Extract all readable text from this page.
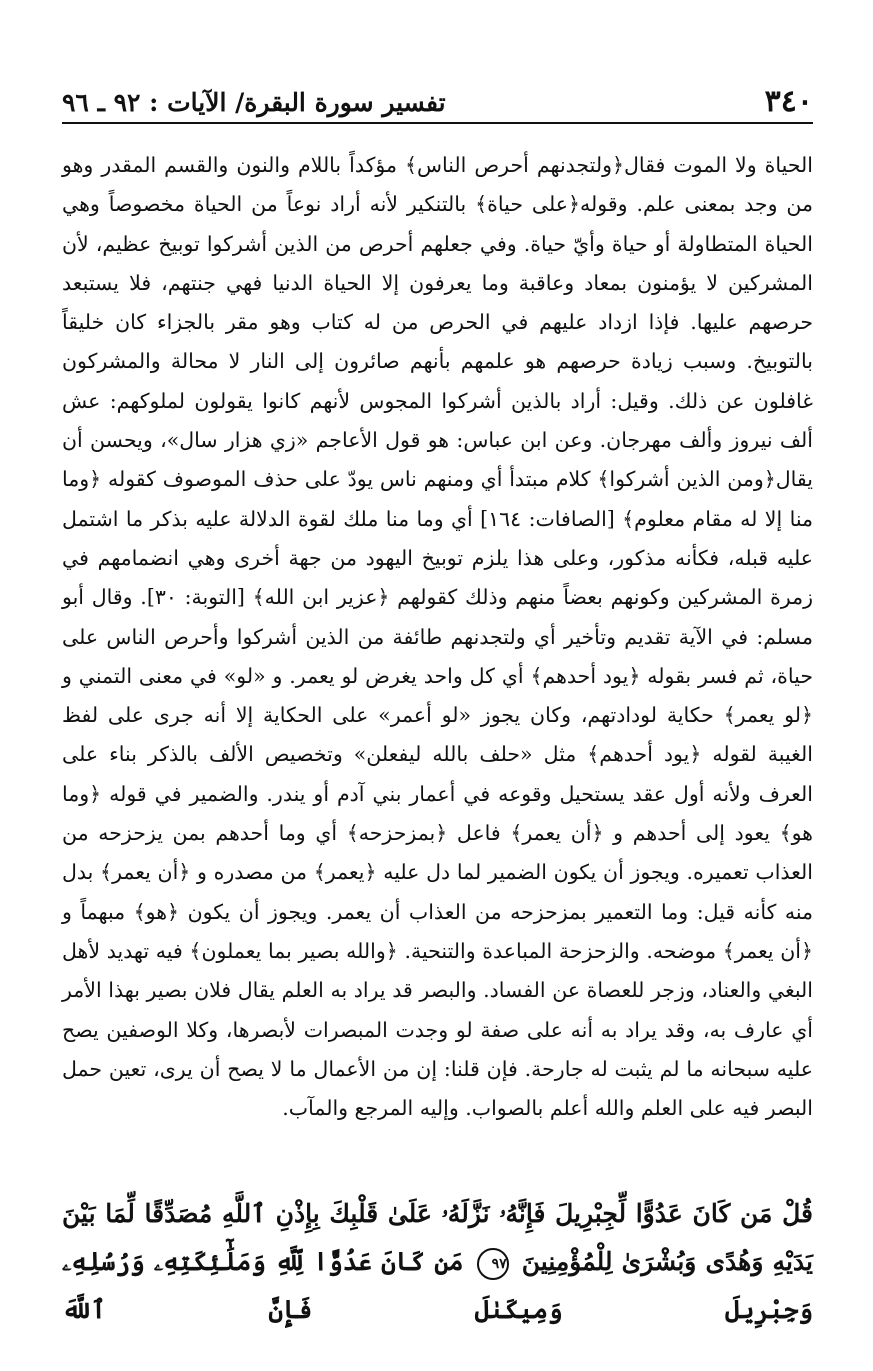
٣٤٠
تفسير سورة البقرة/ الآيات : ٩٢ ـ ٩٦

الحياة ولا الموت فقال﴿ولتجدنهم أحرص الناس﴾ مؤكداً باللام والنون والقسم المقدر وهو من وجد بمعنى علم. وقوله﴿على حياة﴾ بالتنكير لأنه أراد نوعاً من الحياة مخصوصاً وهي الحياة المتطاولة أو حياة وأيّ حياة. وفي جعلهم أحرص من الذين أشركوا توبيخ عظيم، لأن المشركين لا يؤمنون بمعاد وعاقبة وما يعرفون إلا الحياة الدنيا فهي جنتهم، فلا يستبعد حرصهم عليها. فإذا ازداد عليهم في الحرص من له كتاب وهو مقر بالجزاء كان خليقاً بالتوبيخ. وسبب زيادة حرصهم هو علمهم بأنهم صائرون إلى النار لا محالة والمشركون غافلون عن ذلك. وقيل: أراد بالذين أشركوا المجوس لأنهم كانوا يقولون لملوكهم: عش ألف نيروز وألف مهرجان. وعن ابن عباس: هو قول الأعاجم «زي هزار سال»، ويحسن أن يقال﴿ومن الذين أشركوا﴾ كلام مبتدأ أي ومنهم ناس يودّ على حذف الموصوف كقوله ﴿وما منا إلا له مقام معلوم﴾ [الصافات: ١٦٤] أي وما منا ملك لقوة الدلالة عليه بذكر ما اشتمل عليه قبله، فكأنه مذكور، وعلى هذا يلزم توبيخ اليهود من جهة أخرى وهي انضمامهم في زمرة المشركين وكونهم بعضاً منهم وذلك كقولهم ﴿عزير ابن الله﴾ [التوبة: ٣٠]. وقال أبو مسلم: في الآية تقديم وتأخير أي ولتجدنهم طائفة من الذين أشركوا وأحرص الناس على حياة، ثم فسر بقوله ﴿يود أحدهم﴾ أي كل واحد يغرض لو يعمر. و «لو» في معنى التمني و ﴿لو يعمر﴾ حكاية لودادتهم، وكان يجوز «لو أعمر» على الحكاية إلا أنه جرى على لفظ الغيبة لقوله ﴿يود أحدهم﴾ مثل «حلف بالله ليفعلن» وتخصيص الألف بالذكر بناء على العرف ولأنه أول عقد يستحيل وقوعه في أعمار بني آدم أو يندر. والضمير في قوله ﴿وما هو﴾ يعود إلى أحدهم و ﴿أن يعمر﴾ فاعل ﴿بمزحزحه﴾ أي وما أحدهم بمن يزحزحه من العذاب تعميره. ويجوز أن يكون الضمير لما دل عليه ﴿يعمر﴾ من مصدره و ﴿أن يعمر﴾ بدل منه كأنه قيل: وما التعمير بمزحزحه من العذاب أن يعمر. ويجوز أن يكون ﴿هو﴾ مبهماً و ﴿أن يعمر﴾ موضحه. والزحزحة المباعدة والتنحية. ﴿والله بصير بما يعملون﴾ فيه تهديد لأهل البغي والعناد، وزجر للعصاة عن الفساد. والبصر قد يراد به العلم يقال فلان بصير بهذا الأمر أي عارف به، وقد يراد به أنه على صفة لو وجدت المبصرات لأبصرها، وكلا الوصفين يصح عليه سبحانه ما لم يثبت له جارحة. فإن قلنا: إن من الأعمال ما لا يصح أن يرى، تعين حمل البصر فيه على العلم والله أعلم بالصواب. وإليه المرجع والمآب.

قُلْ مَن كَانَ عَدُوًّا لِّجِبْرِيلَ فَإِنَّهُۥ نَزَّلَهُۥ عَلَىٰ قَلْبِكَ بِإِذْنِ ٱللَّهِ مُصَدِّقًا لِّمَا بَيْنَ يَدَيْهِ وَهُدًى وَبُشْرَىٰ لِلْمُؤْمِنِينَ ٩٧ مَن كَانَ عَدُوًّا لِّلَّهِ وَمَلَٰٓئِكَتِهِۦ وَرُسُلِهِۦ وَجِبْرِيلَ وَمِيكَىٰلَ فَإِنَّ ٱللَّهَ
